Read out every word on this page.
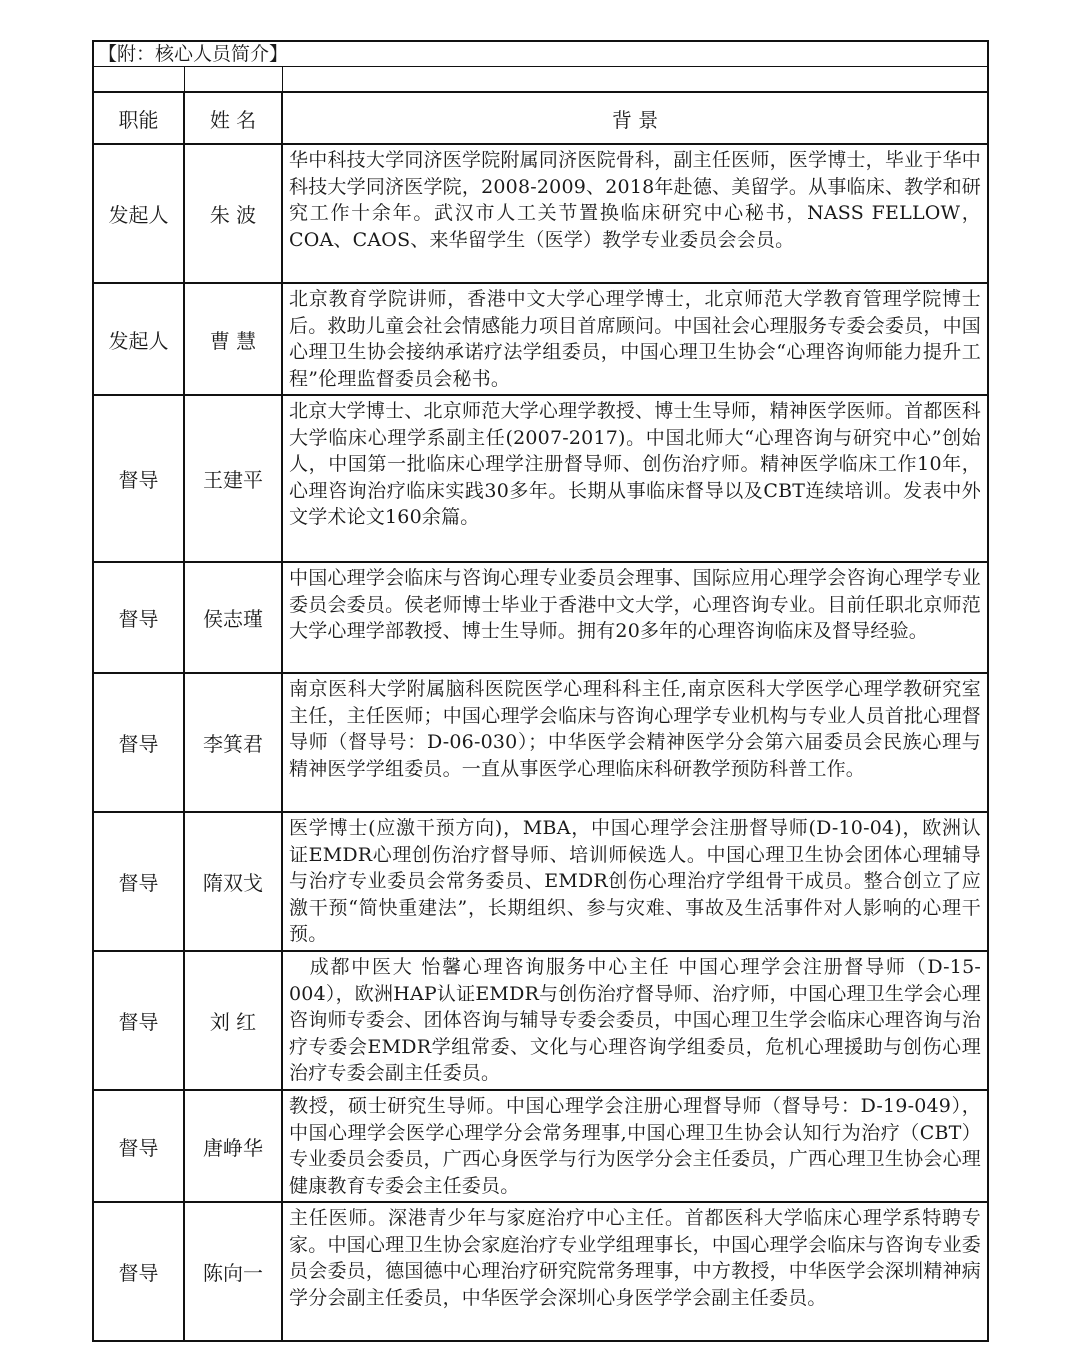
【附：核心人员简介】		

职能	姓 名	背 景
发起人	朱 波	华中科技大学同济医学院附属同济医院骨科，副主任医师，医学博士，毕业于华中科技大学同济医学院，2008-2009、2018年赴德、美留学。从事临床、教学和研究工作十余年。武汉市人工关节置换临床研究中心秘书，NASS FELLOW，COA、CAOS、来华留学生（医学）教学专业委员会会员。
发起人	曹 慧	北京教育学院讲师，香港中文大学心理学博士，北京师范大学教育管理学院博士后。救助儿童会社会情感能力项目首席顾问。中国社会心理服务专委会委员，中国心理卫生协会接纳承诺疗法学组委员，中国心理卫生协会“心理咨询师能力提升工程”伦理监督委员会秘书。
督导	王建平	北京大学博士、北京师范大学心理学教授、博士生导师，精神医学医师。首都医科大学临床心理学系副主任(2007-2017)。中国北师大“心理咨询与研究中心”创始人，中国第一批临床心理学注册督导师、创伤治疗师。精神医学临床工作10年，心理咨询治疗临床实践30多年。长期从事临床督导以及CBT连续培训。发表中外文学术论文160余篇。
督导	侯志瑾	中国心理学会临床与咨询心理专业委员会理事、国际应用心理学会咨询心理学专业委员会委员。侯老师博士毕业于香港中文大学，心理咨询专业。目前任职北京师范大学心理学部教授、博士生导师。拥有20多年的心理咨询临床及督导经验。
督导	李箕君	南京医科大学附属脑科医院医学心理科科主任,南京医科大学医学心理学教研究室主任，主任医师；中国心理学会临床与咨询心理学专业机构与专业人员首批心理督导师（督导号：D-06-030）；中华医学会精神医学分会第六届委员会民族心理与精神医学学组委员。一直从事医学心理临床科研教学预防科普工作。
督导	隋双戈	医学博士(应激干预方向)，MBA，中国心理学会注册督导师(D-10-04)，欧洲认证EMDR心理创伤治疗督导师、培训师候选人。中国心理卫生协会团体心理辅导与治疗专业委员会常务委员、EMDR创伤心理治疗学组骨干成员。整合创立了应激干预“简快重建法”，长期组织、参与灾难、事故及生活事件对人影响的心理干预。
督导	刘 红	　成都中医大 怡馨心理咨询服务中心主任 中国心理学会注册督导师（D-15-004），欧洲HAP认证EMDR与创伤治疗督导师、治疗师，中国心理卫生学会心理咨询师专委会、团体咨询与辅导专委会委员，中国心理卫生学会临床心理咨询与治疗专委会EMDR学组常委、文化与心理咨询学组委员，危机心理援助与创伤心理治疗专委会副主任委员。
督导	唐峥华	教授，硕士研究生导师。中国心理学会注册心理督导师（督导号：D-19-049），中国心理学会医学心理学分会常务理事,中国心理卫生协会认知行为治疗（CBT）专业委员会委员，广西心身医学与行为医学分会主任委员，广西心理卫生协会心理健康教育专委会主任委员。
督导	陈向一	主任医师。深港青少年与家庭治疗中心主任。首都医科大学临床心理学系特聘专家。中国心理卫生协会家庭治疗专业学组理事长，中国心理学会临床与咨询专业委员会委员，德国德中心理治疗研究院常务理事，中方教授，中华医学会深圳精神病学分会副主任委员，中华医学会深圳心身医学学会副主任委员。
